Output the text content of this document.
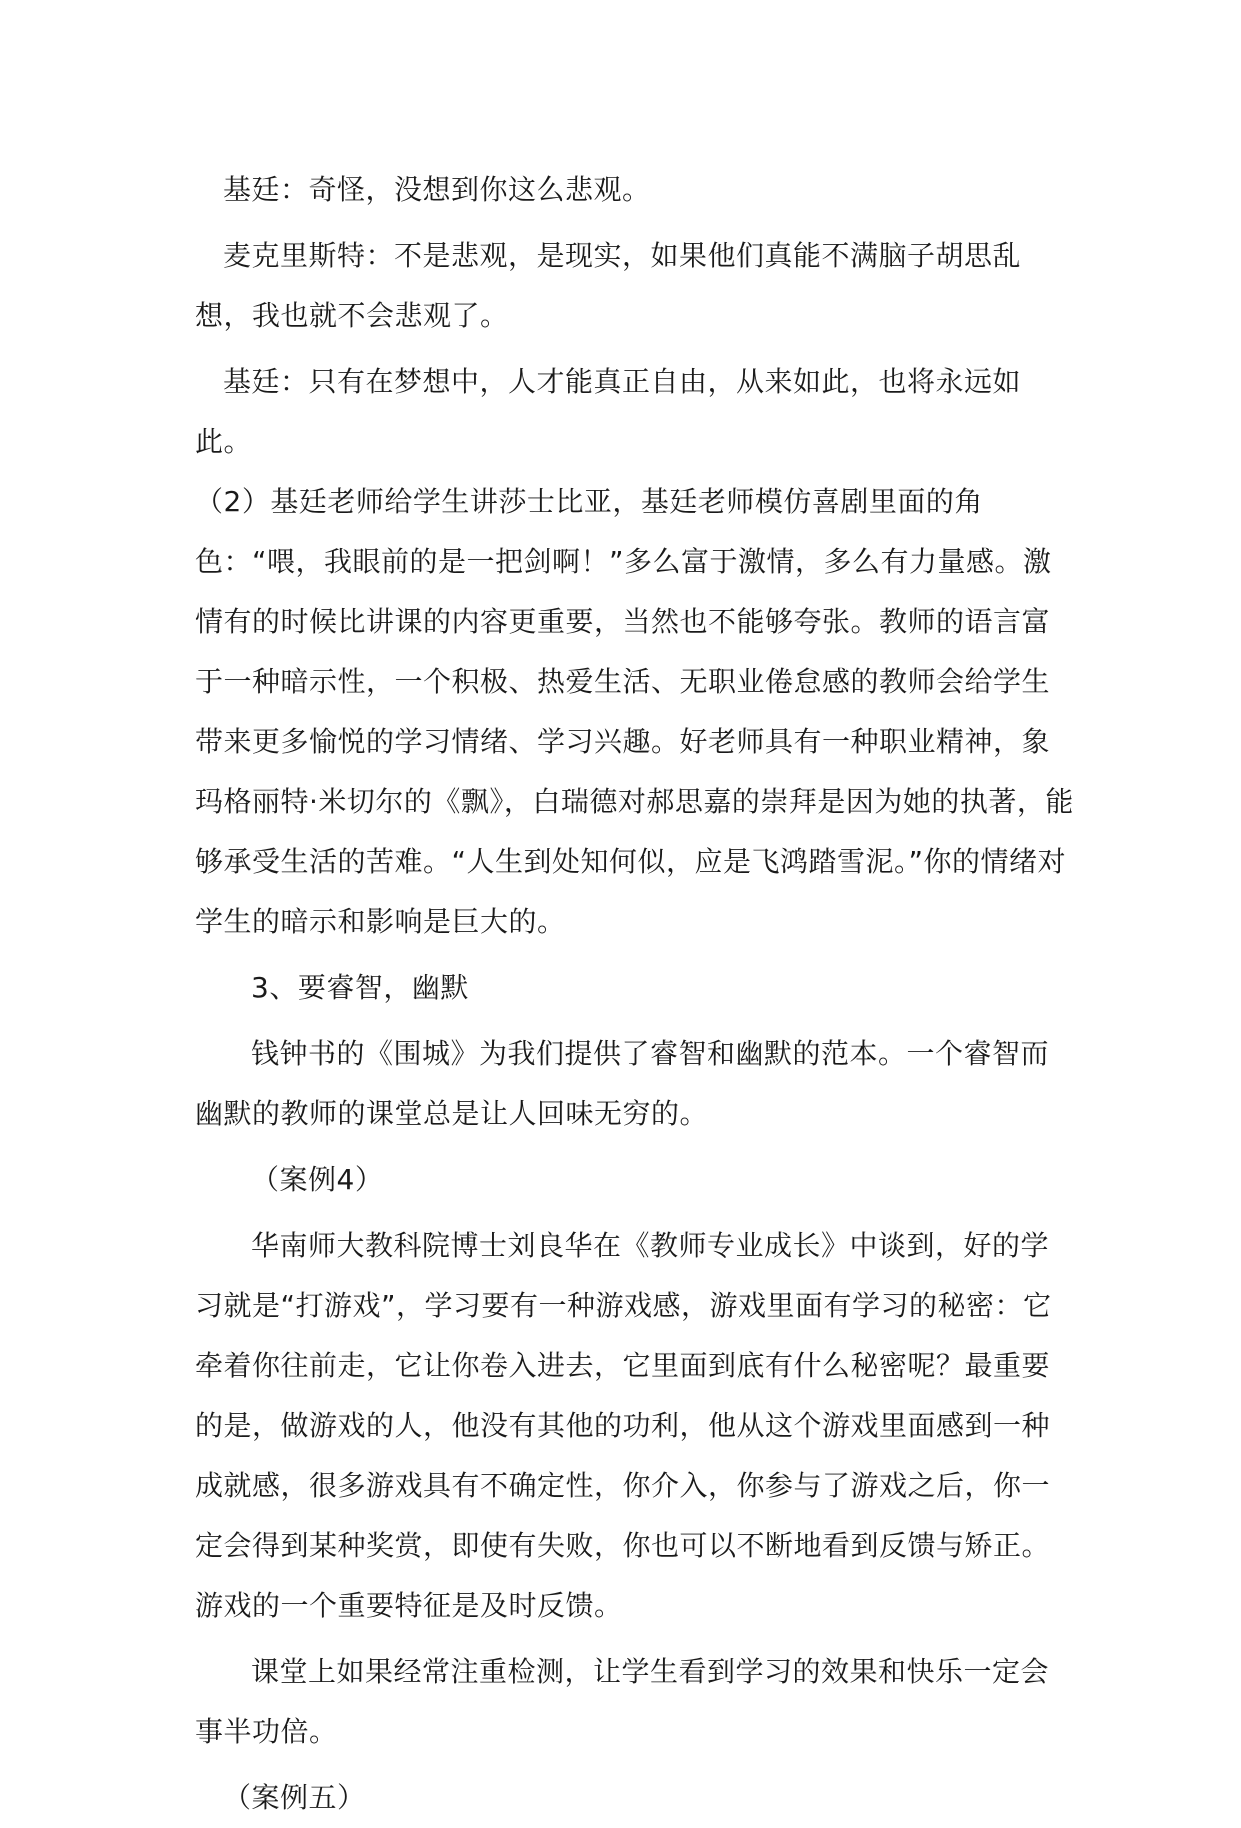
基廷：奇怪，没想到你这么悲观。

麦克里斯特：不是悲观，是现实，如果他们真能不满脑子胡思乱想，我也就不会悲观了。

基廷：只有在梦想中，人才能真正自由，从来如此，也将永远如此。

（2）基廷老师给学生讲莎士比亚，基廷老师模仿喜剧里面的角色：“喂，我眼前的是一把剑啊！”多么富于激情，多么有力量感。激情有的时候比讲课的内容更重要，当然也不能够夸张。教师的语言富于一种暗示性，一个积极、热爱生活、无职业倦怠感的教师会给学生带来更多愉悦的学习情绪、学习兴趣。好老师具有一种职业精神，象玛格丽特·米切尔的《飘》，白瑞德对郝思嘉的崇拜是因为她的执著，能够承受生活的苦难。“人生到处知何似，应是飞鸿踏雪泥。”你的情绪对学生的暗示和影响是巨大的。

3、要睿智，幽默

钱钟书的《围城》为我们提供了睿智和幽默的范本。一个睿智而幽默的教师的课堂总是让人回味无穷的。

（案例4）

华南师大教科院博士刘良华在《教师专业成长》中谈到，好的学习就是“打游戏”，学习要有一种游戏感，游戏里面有学习的秘密：它牵着你往前走，它让你卷入进去，它里面到底有什么秘密呢？最重要的是，做游戏的人，他没有其他的功利，他从这个游戏里面感到一种成就感，很多游戏具有不确定性，你介入，你参与了游戏之后，你一定会得到某种奖赏，即使有失败，你也可以不断地看到反馈与矫正。游戏的一个重要特征是及时反馈。

课堂上如果经常注重检测，让学生看到学习的效果和快乐一定会事半功倍。

（案例五）
